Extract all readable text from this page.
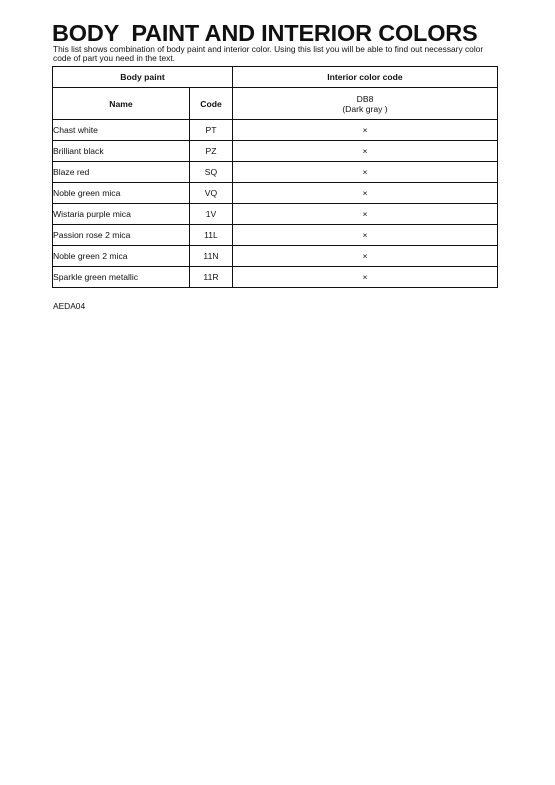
BODY  PAINT AND INTERIOR COLORS

This list shows combination of body paint and interior color. Using this list you will be able to find out necessary color code of part you need in the text.

Body paint		Interior color code
Name	Code	DB8
(Dark gray )

Chast white	PT	×
Brilliant black	PZ	×
Blaze red	SQ	×
Noble green mica	VQ	×
Wistaria purple mica	1V	×
Passion rose 2 mica	11L	×
Noble green 2 mica	11N	×
Sparkle green metallic	11R	×

AEDA04
